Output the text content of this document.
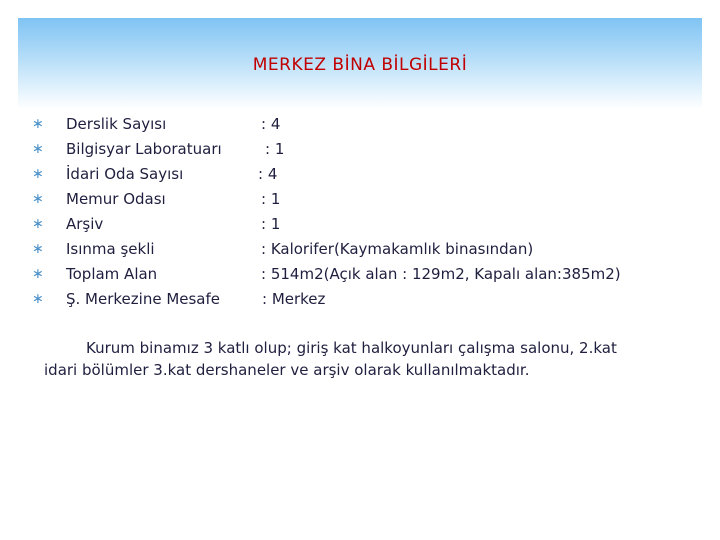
MERKEZ BİNA BİLGİLERİ
∗ Derslik Sayısı	: 4
∗ Bilgisyar Laboratuarı	: 1
∗ İdari Oda Sayısı	: 4
∗ Memur Odası	: 1
∗ Arşiv	: 1
∗ Isınma şekli	: Kalorifer(Kaymakamlık binasından)
∗ Toplam Alan	: 514m2(Açık alan : 129m2, Kapalı alan:385m2)
∗ Ş. Merkezine Mesafe	: Merkez
Kurum binamız 3 katlı olup; giriş kat halkoyunları çalışma salonu, 2.kat
idari bölümler 3.kat dershaneler ve arşiv olarak kullanılmaktadır.
